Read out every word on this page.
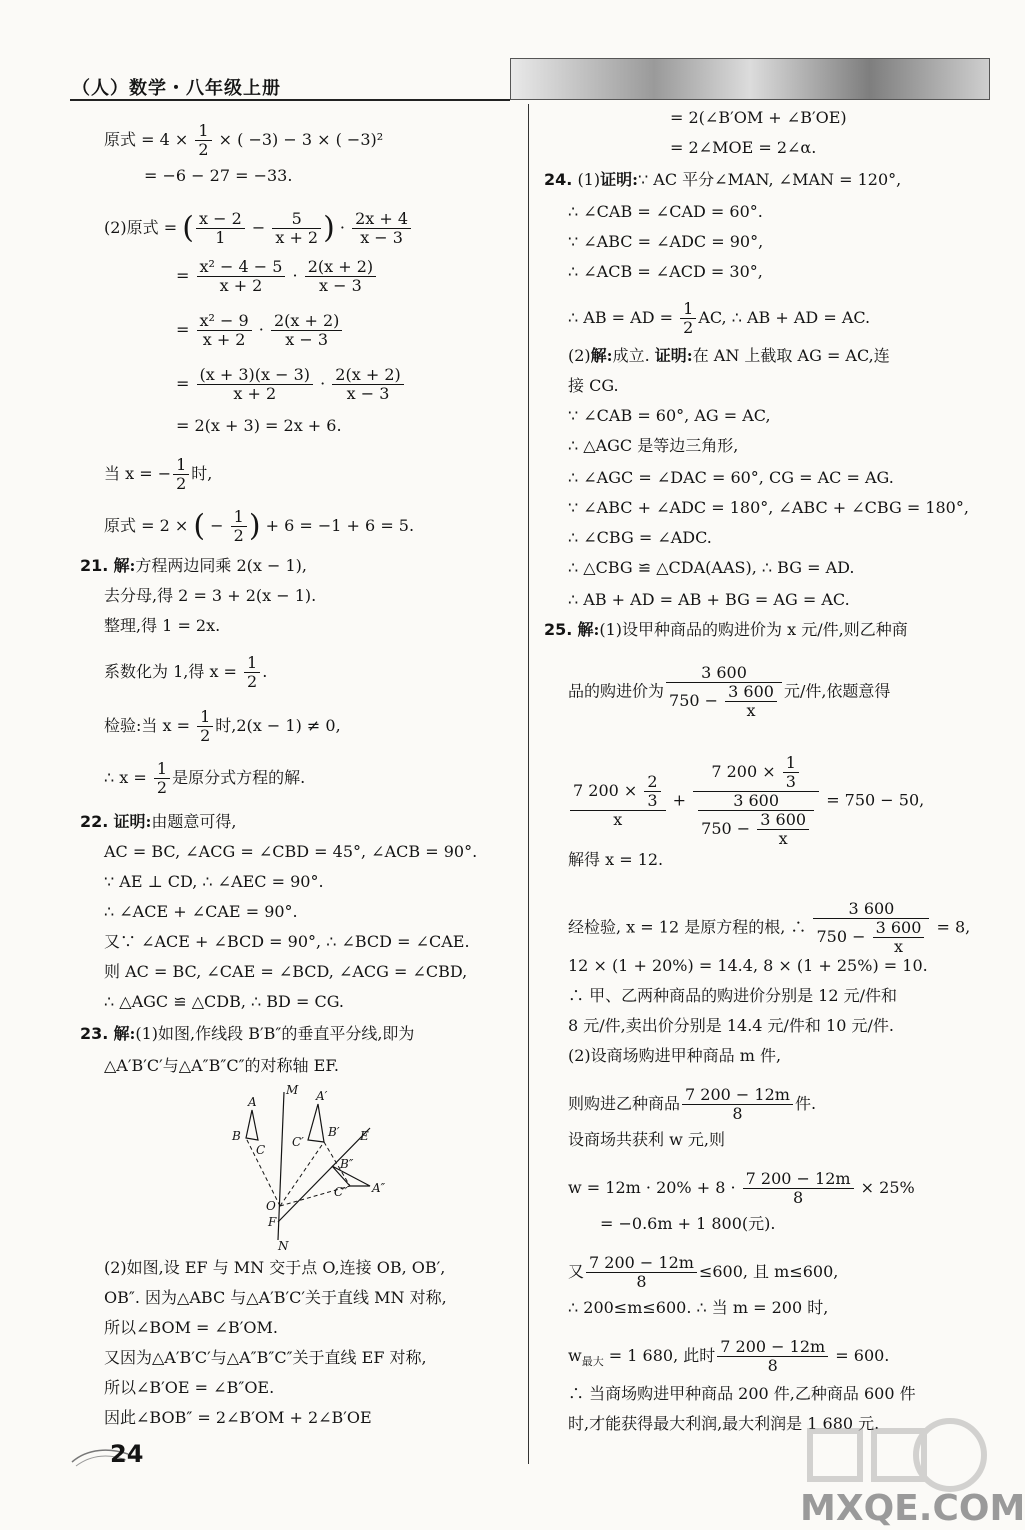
（人）数学・八年级上册
原式 = $4 \times \frac{1}{2}$ × ( −3) − 3 × ( −3)²
= −6 − 27 = −33.
(2)原式 = ( $\frac{x - 2}{1} - \frac{5}{x + 2}$ ) · $\frac{2x + 4}{x - 3}$
= $\frac{\text{x² − 4 − 5}}{x + 2} \cdot \frac{2(x + 2)}{x - 3}$
= $\frac{\text{x² − 9}}{x + 2} \cdot \frac{2(x + 2)}{x - 3}$
= $\frac{(x + 3)(x - 3)}{x + 2} \cdot \frac{2(x + 2)}{x - 3}$
= 2(x + 3) = 2x + 6.
当 x = − $\frac{1}{2}$ 时,
原式 = 2 × ( − $\frac{1}{2}$ ) + 6 = −1 + 6 = 5.
21. 解:方程两边同乘 2(x − 1),
去分母,得 2 = 3 + 2(x − 1).
整理,得 1 = 2x.
系数化为 1,得 $x = \frac{1}{2}$ .
检验:当 $x = \frac{1}{2}$ 时,2(x − 1) ≠ 0,
∴ $x = \frac{1}{2}$ 是原分式方程的解.
22. 证明:由题意可得,
AC = BC, ∠ACG = ∠CBD = 45°, ∠ACB = 90°.
∵ AE ⊥ CD, ∴ ∠AEC = 90°.
∴ ∠ACE + ∠CAE = 90°.
又∵ ∠ACE + ∠BCD = 90°, ∴ ∠BCD = ∠CAE.
则 AC = BC, ∠CAE = ∠BCD, ∠ACG = ∠CBD,
∴ △AGC ≌ △CDB, ∴ BD = CG.
23. 解:(1)如图,作线段 B′B″的垂直平分线,即为
△A′B′C′与△A″B″C″的对称轴 EF.
(2)如图,设 EF 与 MN 交于点 O,连接 OB, OB′,
OB″. 因为△ABC 与△A′B′C′关于直线 MN 对称,
所以∠BOM = ∠B′OM.
又因为△A′B′C′与△A″B″C″关于直线 EF 对称,
所以∠B′OE = ∠B″OE.
因此∠BOB″ = 2∠B′OM + 2∠B′OE
M
N
E
F
O
A
B
C
A′
B′
C′
A″
B″
C″
= 2(∠B′OM + ∠B′OE)
= 2∠MOE = 2∠α.
24. (1)证明:∵ AC 平分∠MAN, ∠MAN = 120°,
∴ ∠CAB = ∠CAD = 60°.
∵ ∠ABC = ∠ADC = 90°,
∴ ∠ACB = ∠ACD = 30°,
∴ AB = AD = $\frac{1}{2}$ AC, ∴ AB + AD = AC.
(2)解:成立. 证明:在 AN 上截取 AG = AC,连
接 CG.
∵ ∠CAB = 60°, AG = AC,
∴ △AGC 是等边三角形,
∴ ∠AGC = ∠DAC = 60°, CG = AC = AG.
∵ ∠ABC + ∠ADC = 180°, ∠ABC + ∠CBG = 180°,
∴ ∠CBG = ∠ADC.
∴ △CBG ≌ △CDA(AAS), ∴ BG = AD.
∴ AB + AD = AB + BG = AG = AC.
25. 解:(1)设甲种商品的购进价为 x 元/件,则乙种商
品的购进价为 $\frac{3 600}{750 - \frac{3 600}{x}}$ 元/件,依题意得
$\frac{7 200 \times \frac{2}{3}}{x} + \frac{7 200 \times \frac{1}{3}}{\frac{3 600}{750 - \frac{3 600}{x}}} = 750 - 50$,
解得 x = 12.
经检验, x = 12 是原方程的根, ∴ $\frac{3 600}{750 - \frac{3 600}{x}} = 8$,
12 × (1 + 20%) = 14.4, 8 × (1 + 25%) = 10.
∴ 甲、乙两种商品的购进价分别是 12 元/件和
8 元/件,卖出价分别是 14.4 元/件和 10 元/件.
(2)设商场购进甲种商品 m 件,
则购进乙种商品 $\frac{7 200 - 12m}{8}$ 件.
设商场共获利 w 元,则
$w = 12m \cdot 20\% + 8 \cdot \frac{7 200 - 12m}{8} \times 25\%$
= −0.6m + 1 800(元).
又 $\frac{7 200 - 12m}{8} \le 600$, 且 m≤600,
∴ 200≤m≤600. ∴ 当 m = 200 时,
$w_{最大} = 1$ 680, 此时 $\frac{7 200 - 12m}{8} = 600$.
∴ 当商场购进甲种商品 200 件,乙种商品 600 件
时,才能获得最大利润,最大利润是 1 680 元.
24
MXQE.COM
